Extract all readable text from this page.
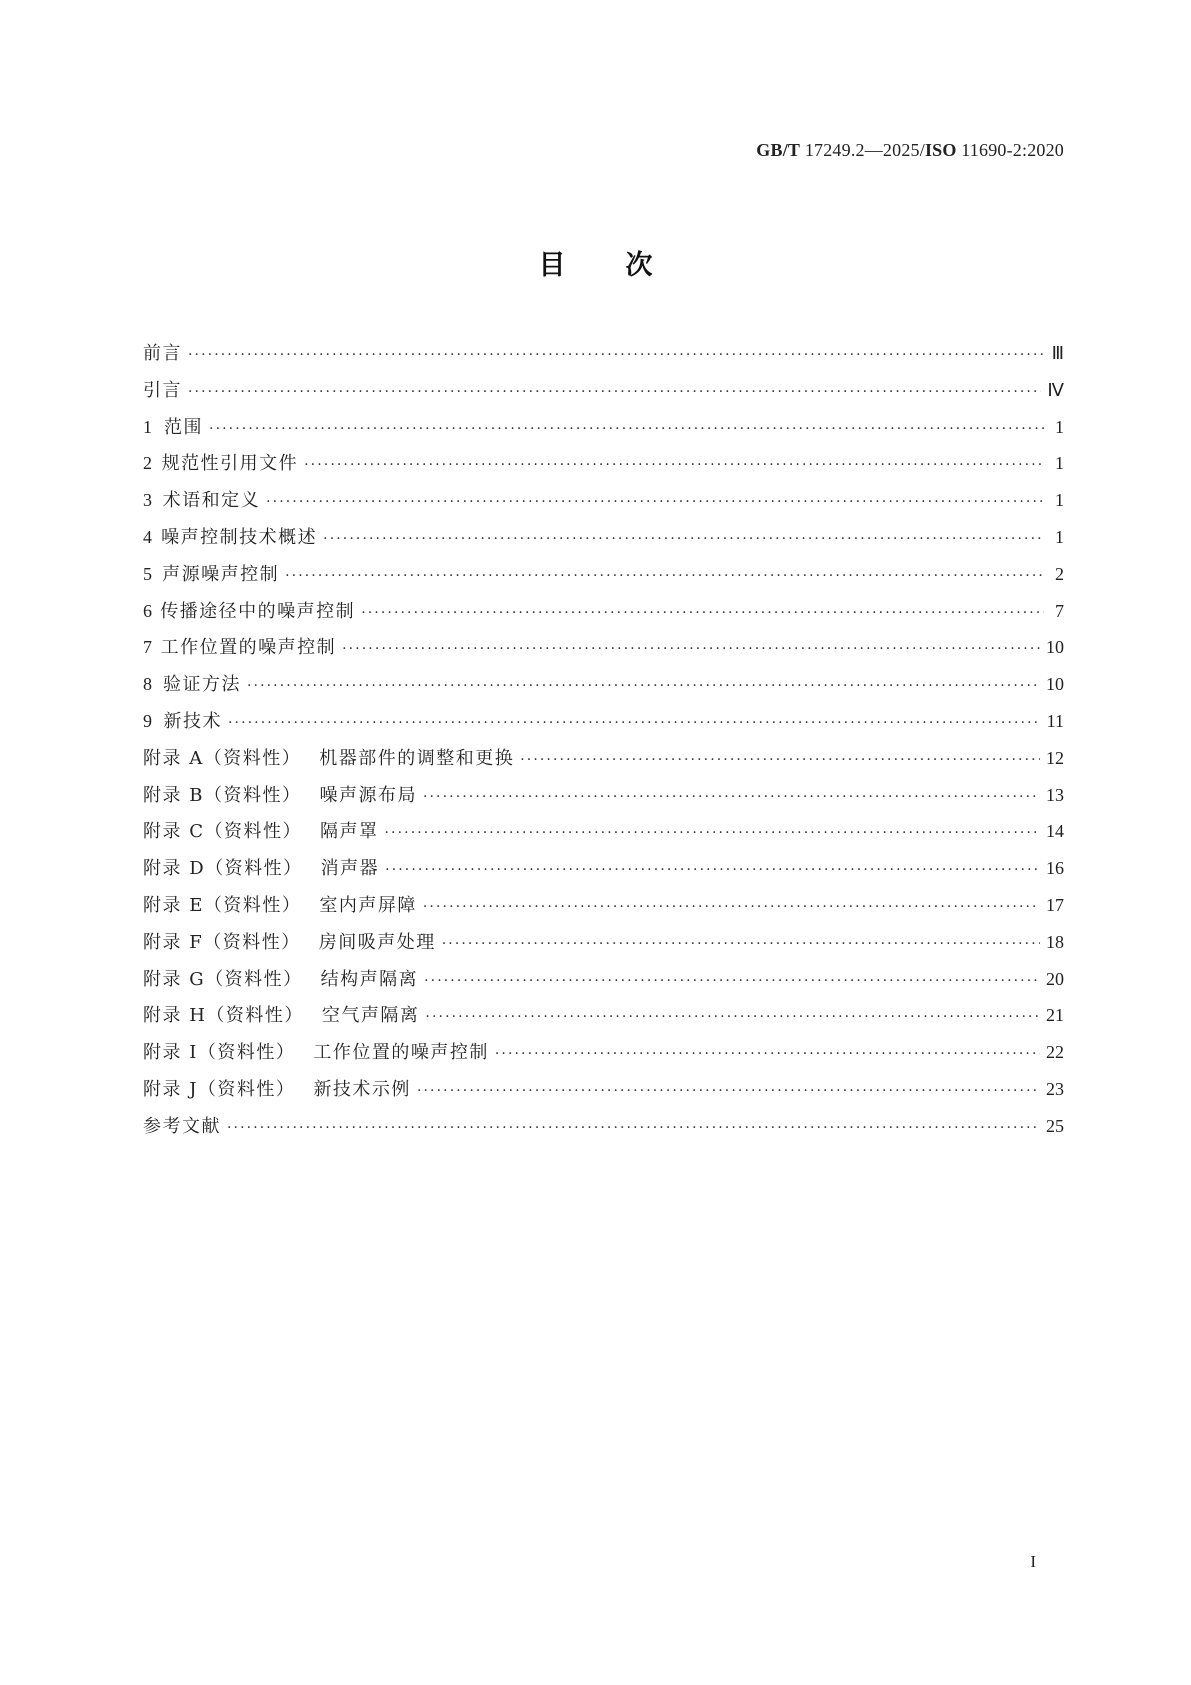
GB/T 17249.2—2025/ISO 11690-2:2020
目次
前言 ·····	Ⅲ
引言 ·····	Ⅳ
1 范围 ·····	1
2 规范性引用文件 ·····	1
3 术语和定义 ·····	1
4 噪声控制技术概述 ·····	1
5 声源噪声控制 ·····	2
6 传播途径中的噪声控制 ·····	7
7 工作位置的噪声控制 ·····	10
8 验证方法 ·····	10
9 新技术 ·····	11
附录 A（资料性） 机器部件的调整和更换 ·····	12
附录 B（资料性） 噪声源布局 ·····	13
附录 C（资料性） 隔声罩 ·····	14
附录 D（资料性） 消声器 ·····	16
附录 E（资料性） 室内声屏障 ·····	17
附录 F（资料性） 房间吸声处理 ·····	18
附录 G（资料性） 结构声隔离 ·····	20
附录 H（资料性） 空气声隔离 ·····	21
附录 I（资料性） 工作位置的噪声控制 ·····	22
附录 J（资料性） 新技术示例 ·····	23
参考文献 ·····	25
I
